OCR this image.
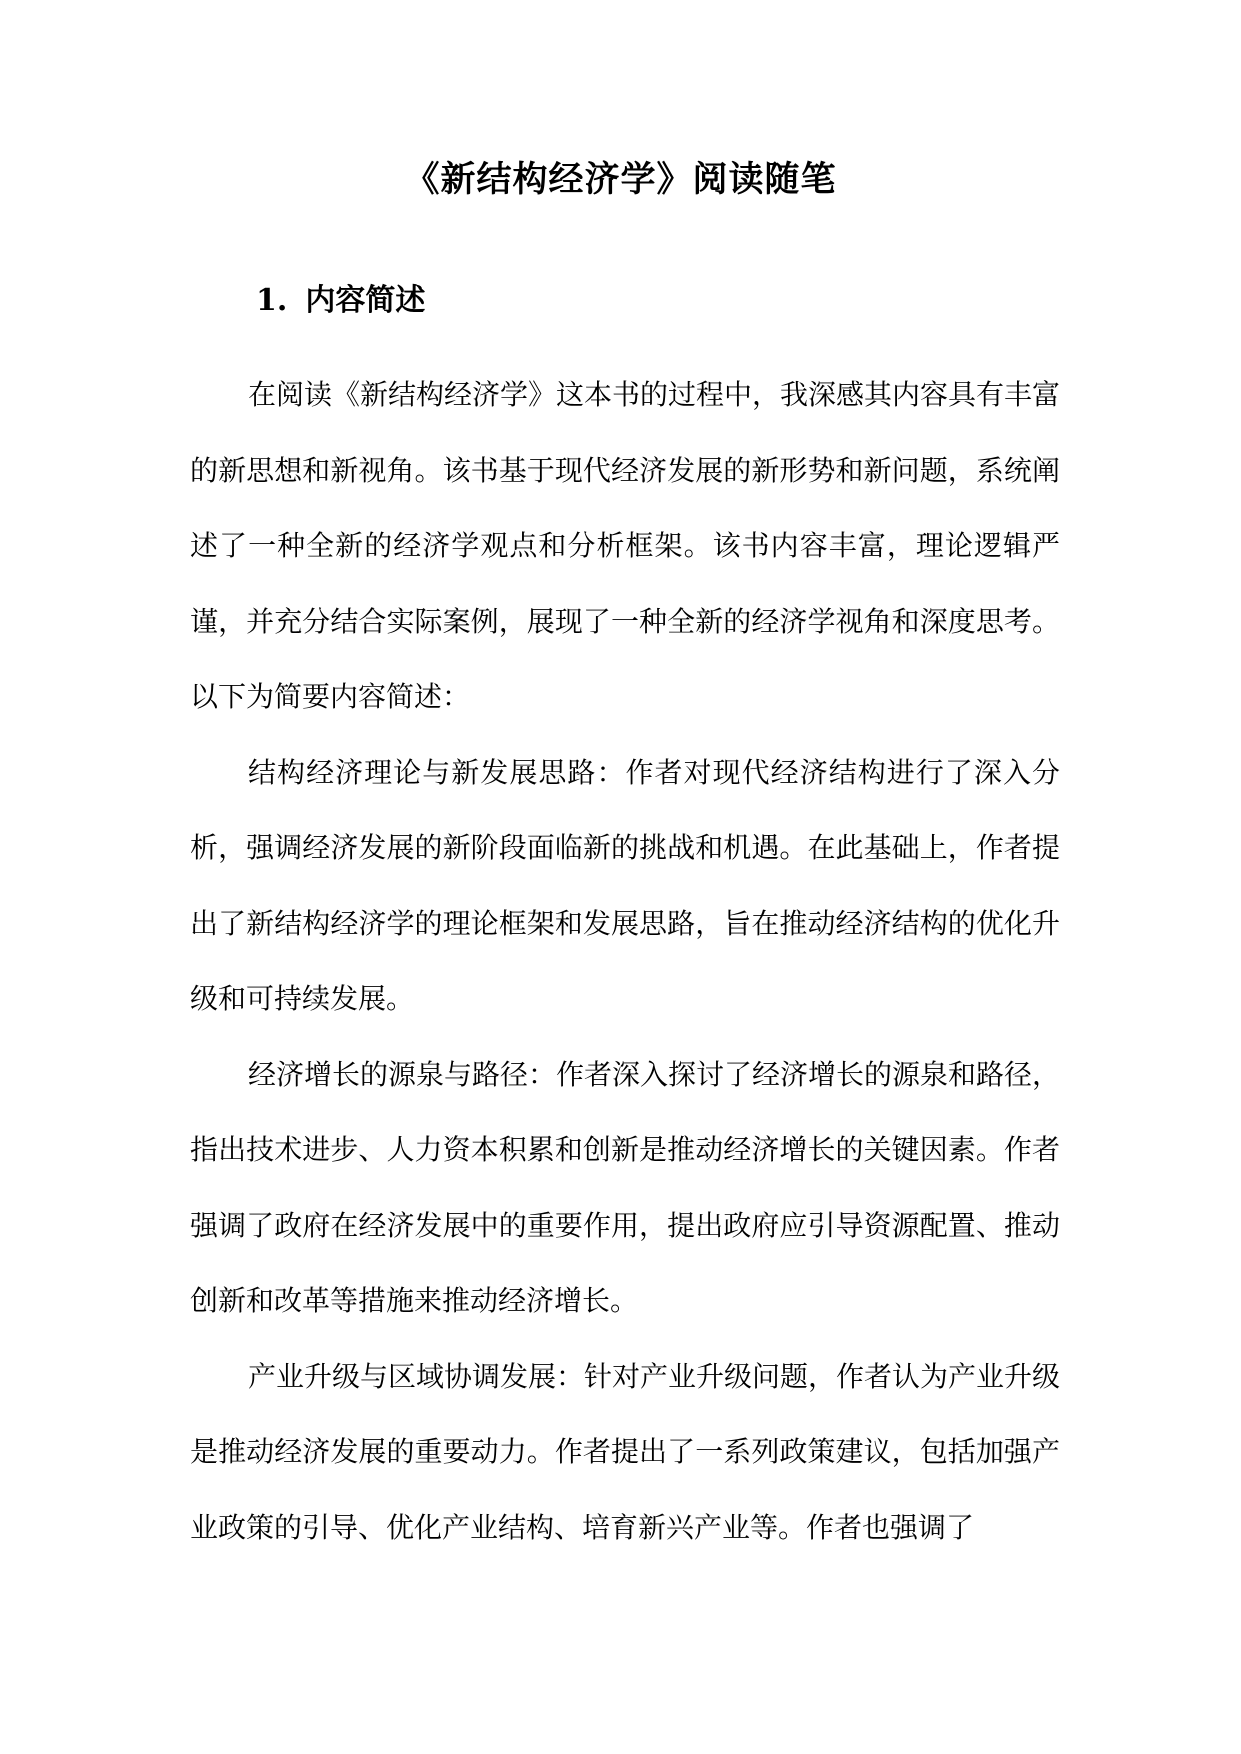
《新结构经济学》阅读随笔
1. 内容简述

在阅读《新结构经济学》这本书的过程中，我深感其内容具有丰富的新思想和新视角。该书基于现代经济发展的新形势和新问题，系统阐述了一种全新的经济学观点和分析框架。该书内容丰富，理论逻辑严谨，并充分结合实际案例，展现了一种全新的经济学视角和深度思考。以下为简要内容简述：

结构经济理论与新发展思路：作者对现代经济结构进行了深入分析，强调经济发展的新阶段面临新的挑战和机遇。在此基础上，作者提出了新结构经济学的理论框架和发展思路，旨在推动经济结构的优化升级和可持续发展。

经济增长的源泉与路径：作者深入探讨了经济增长的源泉和路径，指出技术进步、人力资本积累和创新是推动经济增长的关键因素。作者强调了政府在经济发展中的重要作用，提出政府应引导资源配置、推动创新和改革等措施来推动经济增长。

产业升级与区域协调发展：针对产业升级问题，作者认为产业升级是推动经济发展的重要动力。作者提出了一系列政策建议，包括加强产业政策的引导、优化产业结构、培育新兴产业等。作者也强调了
